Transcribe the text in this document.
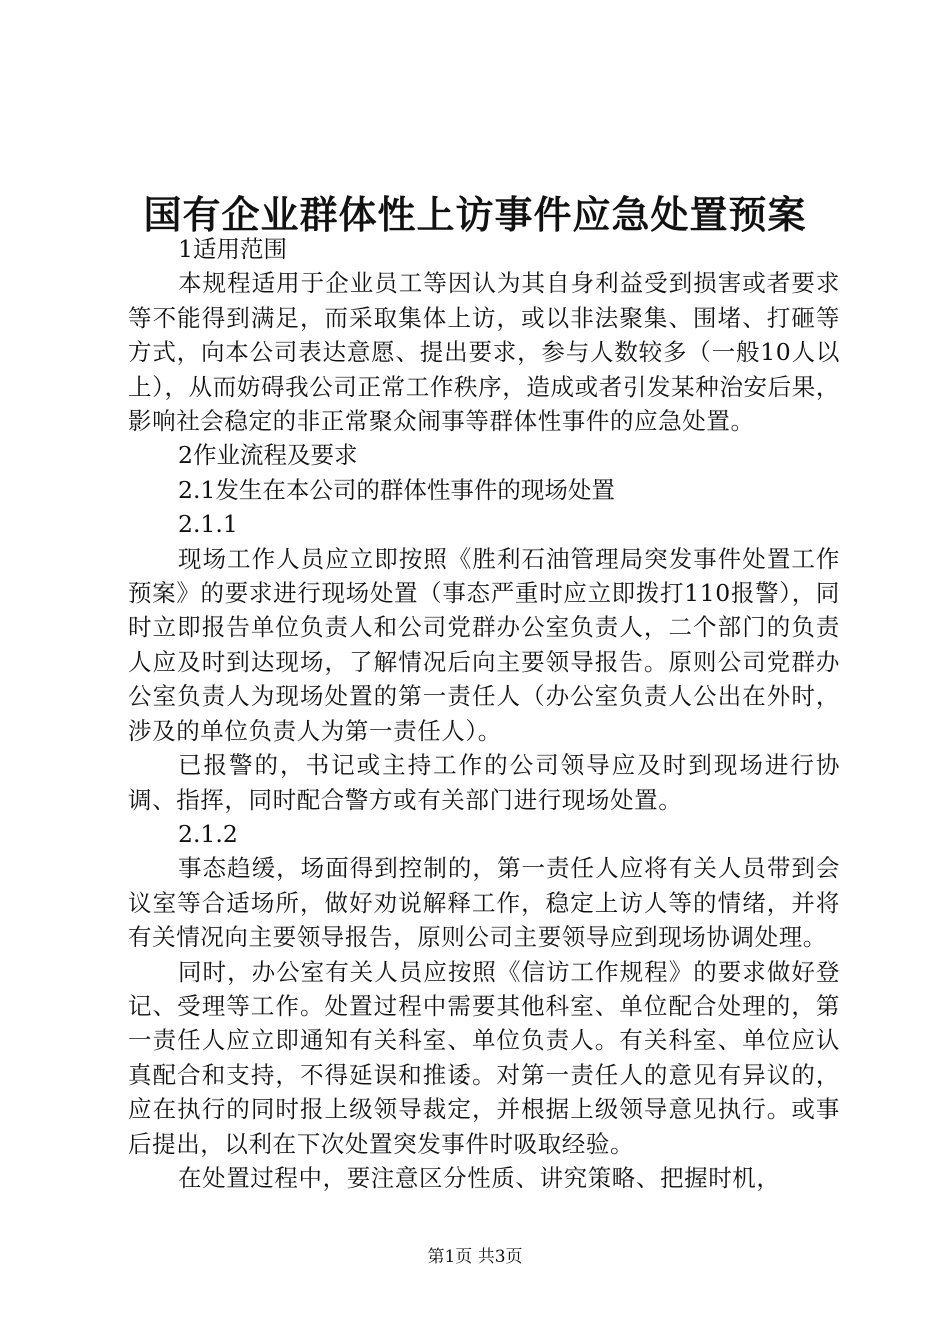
国有企业群体性上访事件应急处置预案

1适用范围

本规程适用于企业员工等因认为其自身利益受到损害或者要求等不能得到满足，而采取集体上访，或以非法聚集、围堵、打砸等方式，向本公司表达意愿、提出要求，参与人数较多（一般10人以上），从而妨碍我公司正常工作秩序，造成或者引发某种治安后果，影响社会稳定的非正常聚众闹事等群体性事件的应急处置。

2作业流程及要求

2.1发生在本公司的群体性事件的现场处置

2.1.1

现场工作人员应立即按照《胜利石油管理局突发事件处置工作预案》的要求进行现场处置（事态严重时应立即拨打110报警），同时立即报告单位负责人和公司党群办公室负责人，二个部门的负责人应及时到达现场，了解情况后向主要领导报告。原则公司党群办公室负责人为现场处置的第一责任人（办公室负责人公出在外时，涉及的单位负责人为第一责任人）。

已报警的，书记或主持工作的公司领导应及时到现场进行协调、指挥，同时配合警方或有关部门进行现场处置。

2.1.2

事态趋缓，场面得到控制的，第一责任人应将有关人员带到会议室等合适场所，做好劝说解释工作，稳定上访人等的情绪，并将有关情况向主要领导报告，原则公司主要领导应到现场协调处理。

同时，办公室有关人员应按照《信访工作规程》的要求做好登记、受理等工作。处置过程中需要其他科室、单位配合处理的，第一责任人应立即通知有关科室、单位负责人。有关科室、单位应认真配合和支持，不得延误和推诿。对第一责任人的意见有异议的，应在执行的同时报上级领导裁定，并根据上级领导意见执行。或事后提出，以利在下次处置突发事件时吸取经验。

在处置过程中，要注意区分性质、讲究策略、把握时机，

第1页 共3页
